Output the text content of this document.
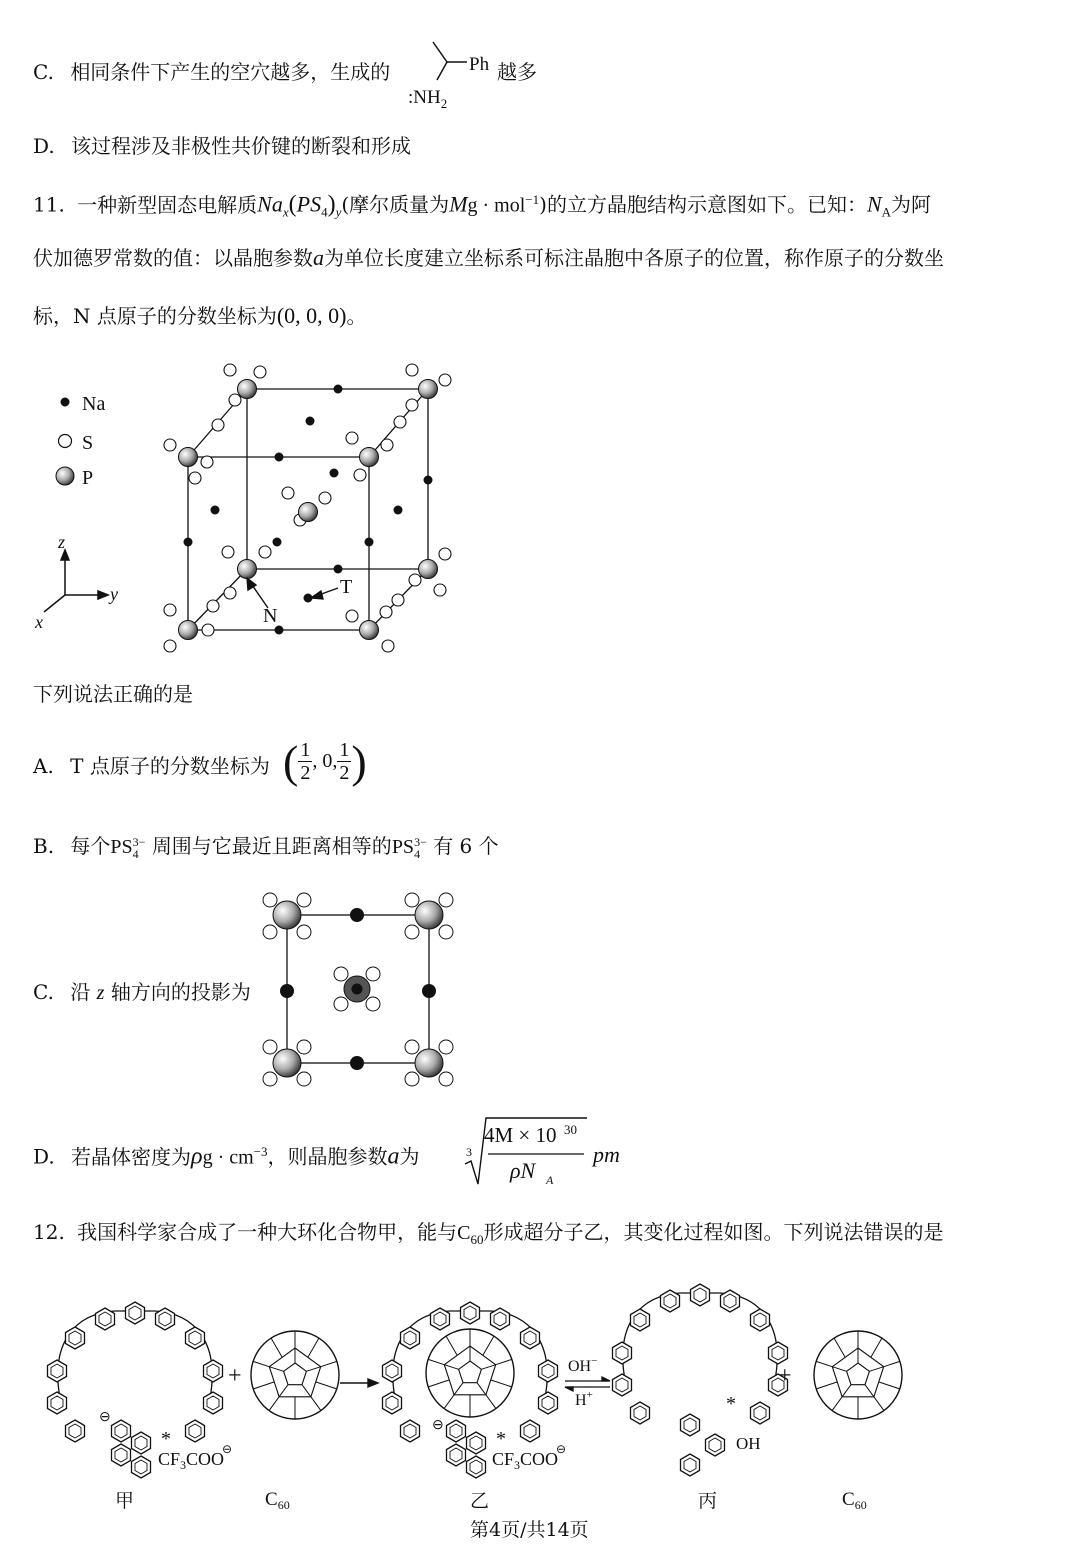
C. 相同条件下产生的空穴越多，生成的	Ph
$:NH_2$
越多
D. 该过程涉及非极性共价键的断裂和形成
11. 一种新型固态电解质$Na_x(PS_4)_y$(摩尔质量为Mg · mol$^{-1}$)的立方晶胞结构示意图如下。已知：$N_A$为阿
伏加德罗常数的值：以晶胞参数a为单位长度建立坐标系可标注晶胞中各原子的位置，称作原子的分数坐
标，N 点原子的分数坐标为(0, 0, 0)。
Na
S
P
z
y
x	N
T
下列说法正确的是
A. T 点原子的分数坐标为 ( $\frac{1}{2}$ , 0, $\frac{1}{2}$ )
B. 每个PS 3−
4 周围与它最近且距离相等的PS 3−
4 有 6 个
C. 沿 z 轴方向的投影为
D. 若晶体密度为$\rho g \cdot cm^{-3}$，则晶胞参数a为	3
4M × 10 30
ρN A
pm
12. 我国科学家合成了一种大环化合物甲，能与$C_{60}$形成超分子乙，其变化过程如图。下列说法错误的是
⊖
*
$CF_3COO$
⊖
+
⊖
*
$CF_3COO$
⊖
OH−
H+	*
OH
+
甲	$C_{60}$	乙	丙	$C_{60}$
第4页/共14页
